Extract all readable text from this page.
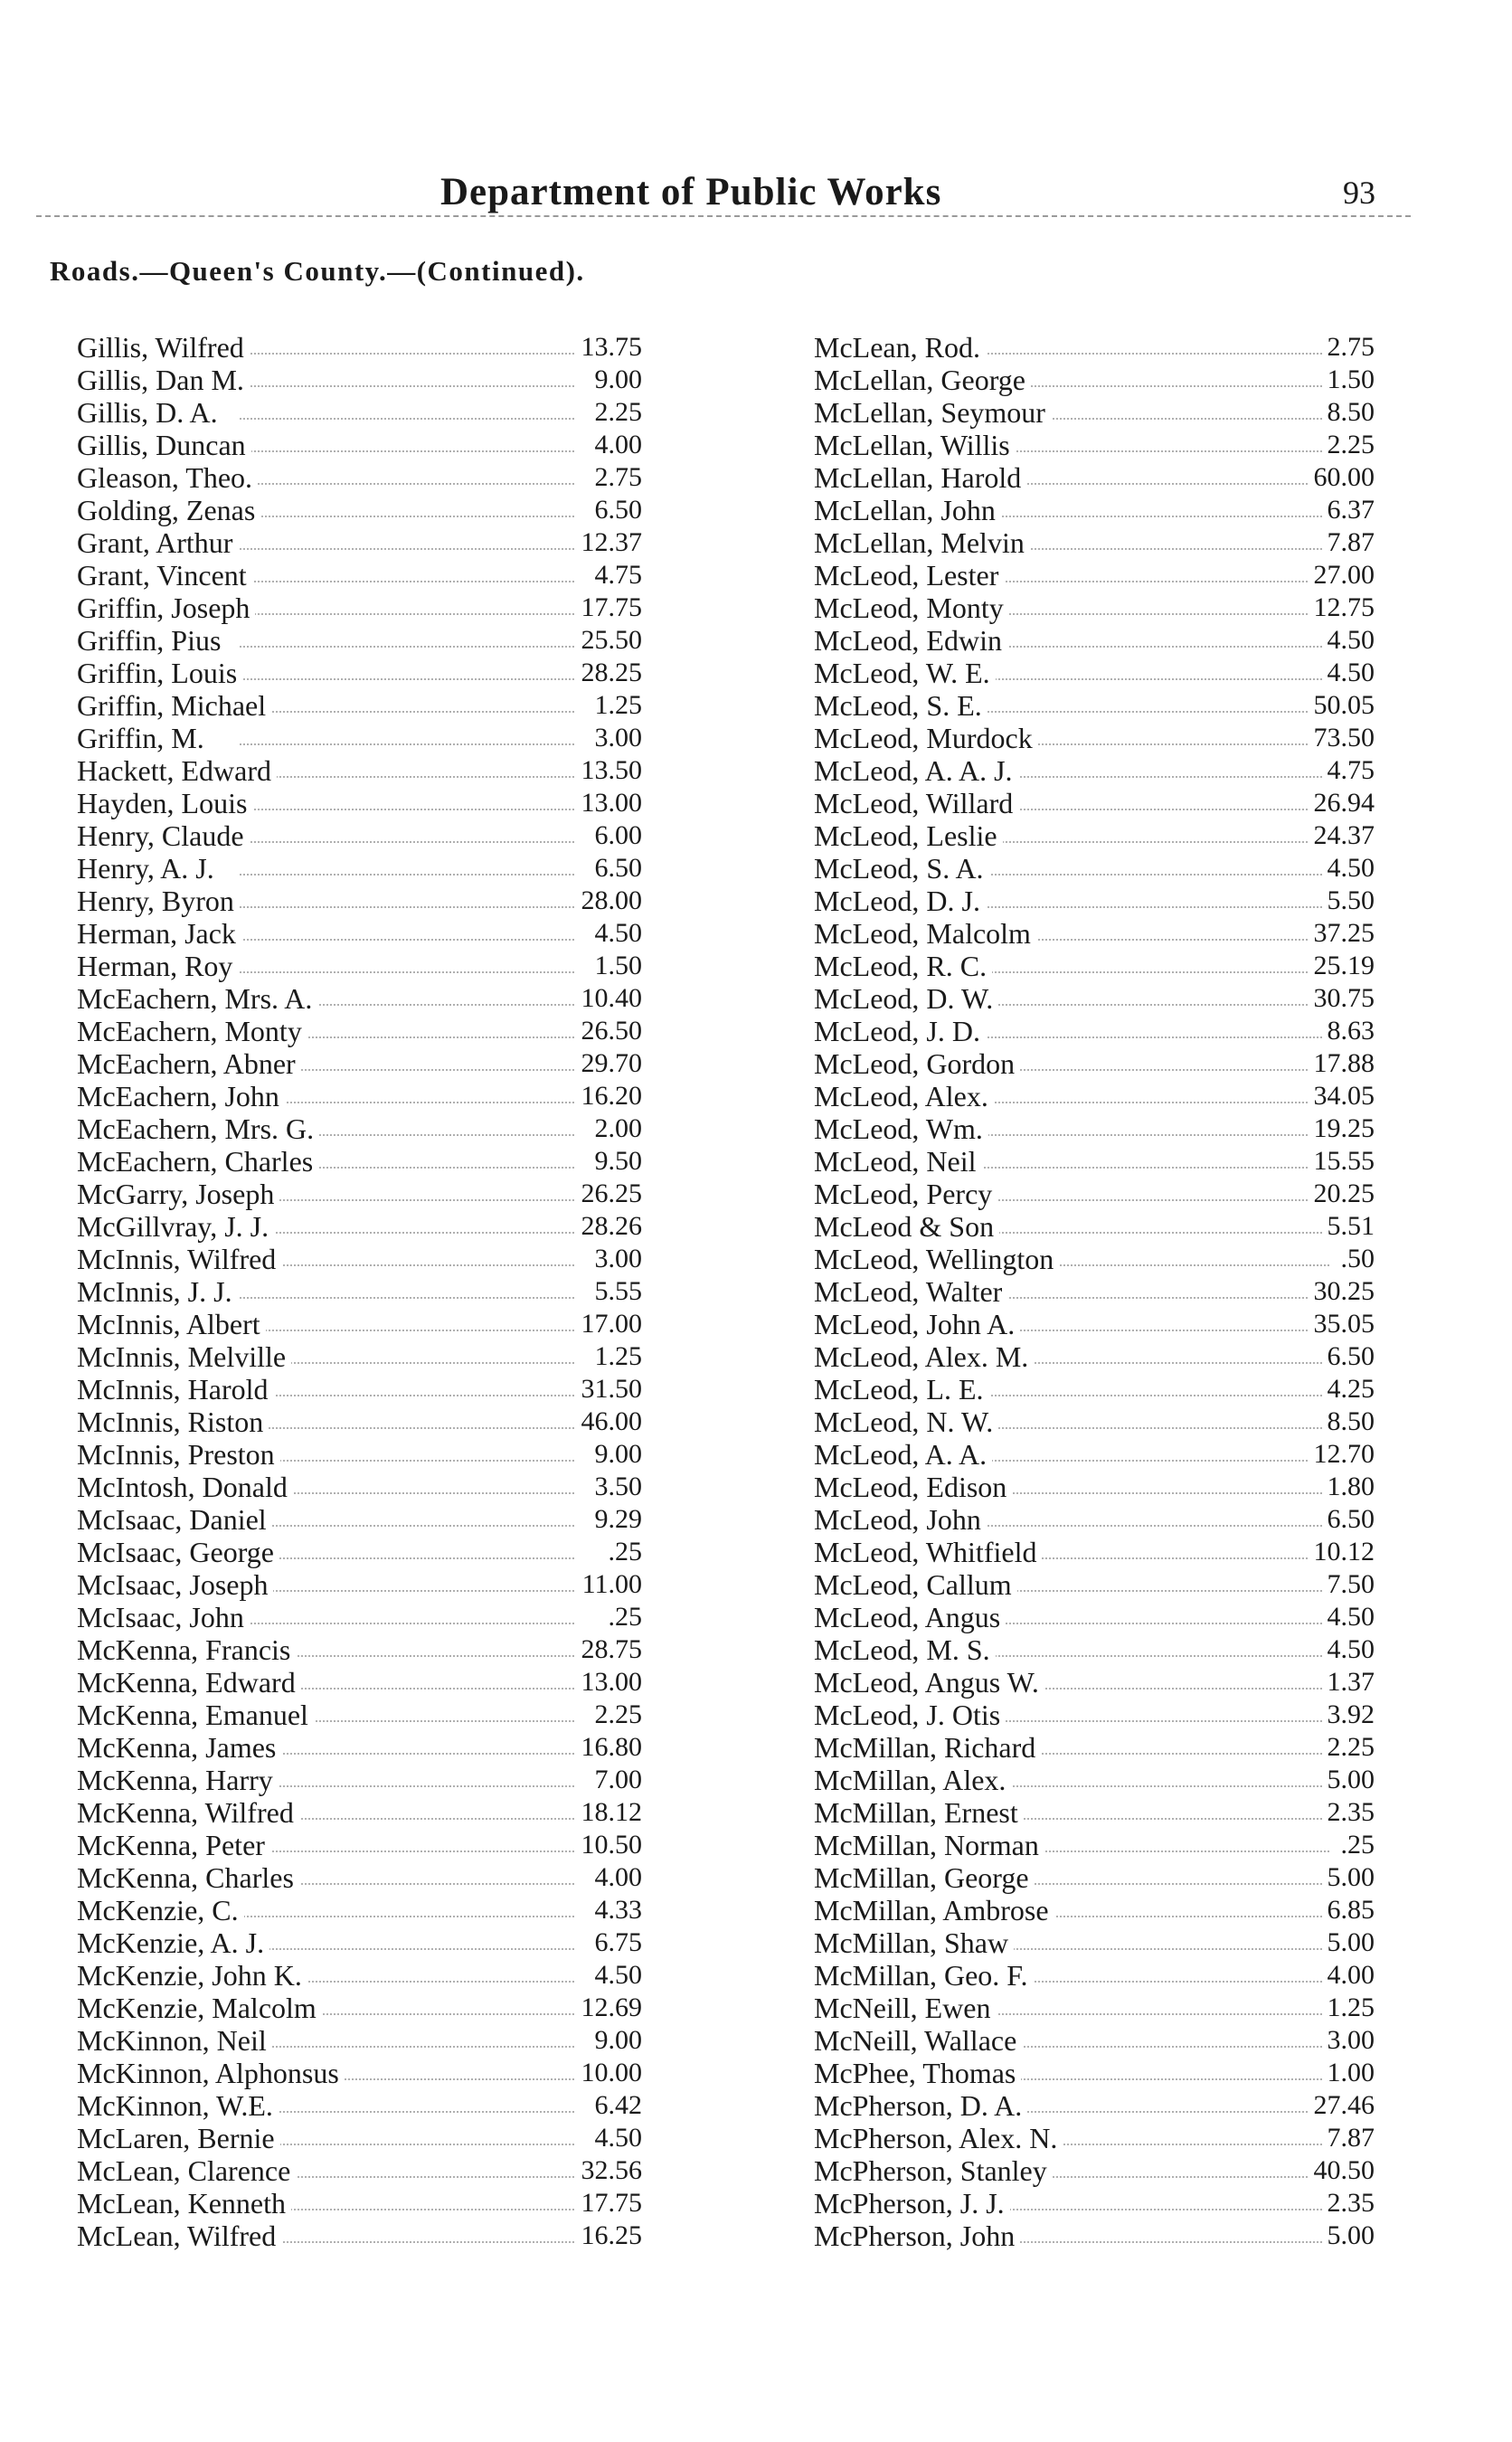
Department of Public Works	93
Roads.—Queen's County.—(Continued).
Gillis, Wilfred	13.75
Gillis, Dan M.	9.00
Gillis, D. A.	2.25
Gillis, Duncan	4.00
Gleason, Theo.	2.75
Golding, Zenas	6.50
Grant, Arthur	12.37
Grant, Vincent	4.75
Griffin, Joseph	17.75
Griffin, Pius	25.50
Griffin, Louis	28.25
Griffin, Michael	1.25
Griffin, M.	3.00
Hackett, Edward	13.50
Hayden, Louis	13.00
Henry, Claude	6.00
Henry, A. J.	6.50
Henry, Byron	28.00
Herman, Jack	4.50
Herman, Roy	1.50
McEachern, Mrs. A.	10.40
McEachern, Monty	26.50
McEachern, Abner	29.70
McEachern, John	16.20
McEachern, Mrs. G.	2.00
McEachern, Charles	9.50
McGarry, Joseph	26.25
McGillvray, J. J.	28.26
McInnis, Wilfred	3.00
McInnis, J. J.	5.55
McInnis, Albert	17.00
McInnis, Melville	1.25
McInnis, Harold	31.50
McInnis, Riston	46.00
McInnis, Preston	9.00
McIntosh, Donald	3.50
McIsaac, Daniel	9.29
McIsaac, George	.25
McIsaac, Joseph	11.00
McIsaac, John	.25
McKenna, Francis	28.75
McKenna, Edward	13.00
McKenna, Emanuel	2.25
McKenna, James	16.80
McKenna, Harry	7.00
McKenna, Wilfred	18.12
McKenna, Peter	10.50
McKenna, Charles	4.00
McKenzie, C.	4.33
McKenzie, A. J.	6.75
McKenzie, John K.	4.50
McKenzie, Malcolm	12.69
McKinnon, Neil	9.00
McKinnon, Alphonsus	10.00
McKinnon, W.E.	6.42
McLaren, Bernie	4.50
McLean, Clarence	32.56
McLean, Kenneth	17.75
McLean, Wilfred	16.25
McLean, Rod.	2.75
McLellan, George	1.50
McLellan, Seymour	8.50
McLellan, Willis	2.25
McLellan, Harold	60.00
McLellan, John	6.37
McLellan, Melvin	7.87
McLeod, Lester	27.00
McLeod, Monty	12.75
McLeod, Edwin	4.50
McLeod, W. E.	4.50
McLeod, S. E.	50.05
McLeod, Murdock	73.50
McLeod, A. A. J.	4.75
McLeod, Willard	26.94
McLeod, Leslie	24.37
McLeod, S. A.	4.50
McLeod, D. J.	5.50
McLeod, Malcolm	37.25
McLeod, R. C.	25.19
McLeod, D. W.	30.75
McLeod, J. D.	8.63
McLeod, Gordon	17.88
McLeod, Alex.	34.05
McLeod, Wm.	19.25
McLeod, Neil	15.55
McLeod, Percy	20.25
McLeod & Son	5.51
McLeod, Wellington	.50
McLeod, Walter	30.25
McLeod, John A.	35.05
McLeod, Alex. M.	6.50
McLeod, L. E.	4.25
McLeod, N. W.	8.50
McLeod, A. A.	12.70
McLeod, Edison	1.80
McLeod, John	6.50
McLeod, Whitfield	10.12
McLeod, Callum	7.50
McLeod, Angus	4.50
McLeod, M. S.	4.50
McLeod, Angus W.	1.37
McLeod, J. Otis	3.92
McMillan, Richard	2.25
McMillan, Alex.	5.00
McMillan, Ernest	2.35
McMillan, Norman	.25
McMillan, George	5.00
McMillan, Ambrose	6.85
McMillan, Shaw	5.00
McMillan, Geo. F.	4.00
McNeill, Ewen	1.25
McNeill, Wallace	3.00
McPhee, Thomas	1.00
McPherson, D. A.	27.46
McPherson, Alex. N.	7.87
McPherson, Stanley	40.50
McPherson, J. J.	2.35
McPherson, John	5.00
